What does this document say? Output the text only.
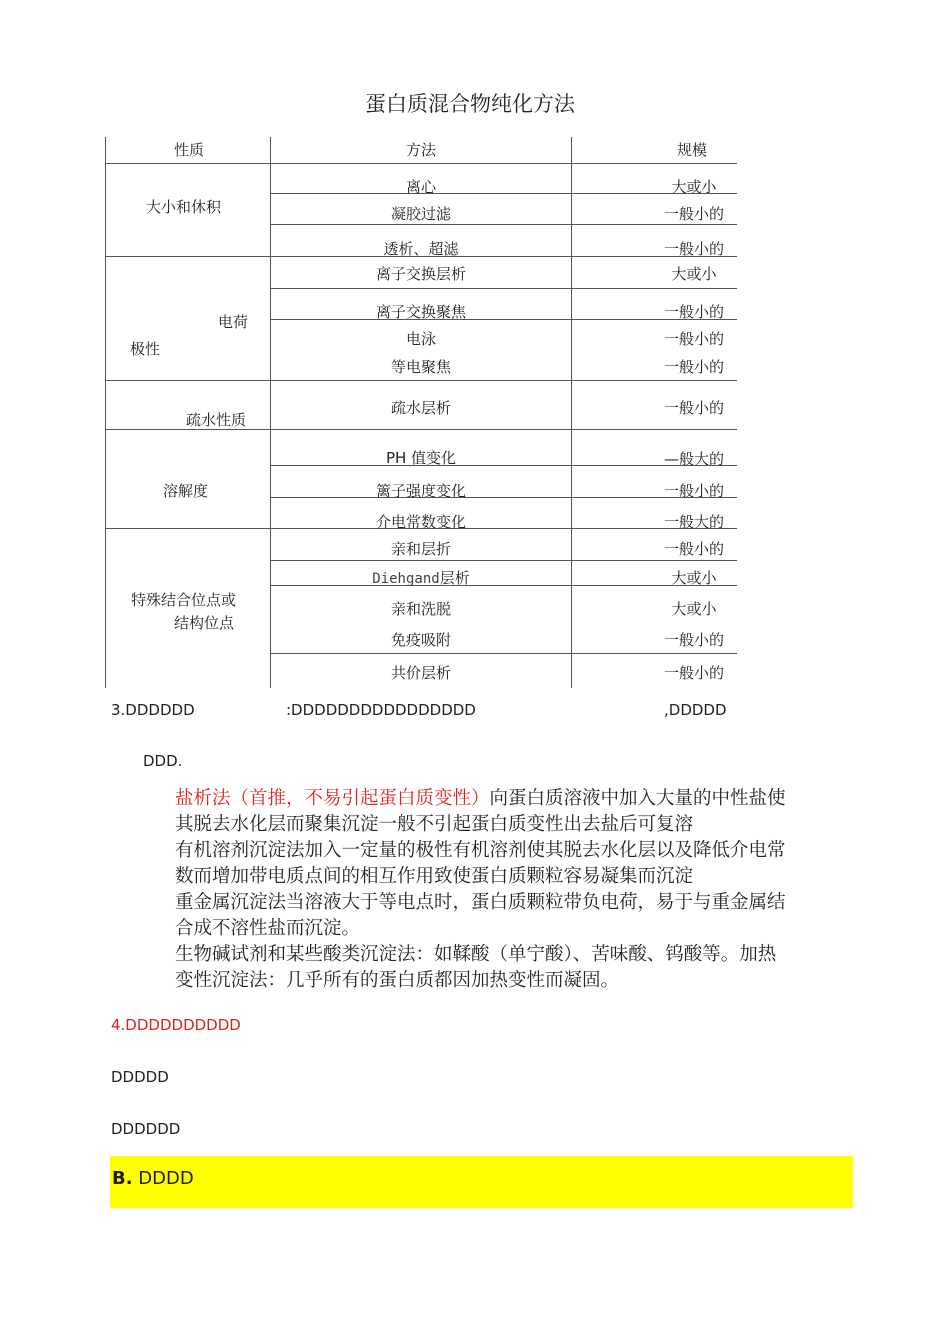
蛋白质混合物纯化方法
性质	方法	规模
大小和休积
离心	大或小
凝胶过滤	一般小的
透析、超滤	一般小的
电荷
极性
离子交换层析	大或小
离子交换聚焦	一般小的
电泳	一般小的
等电聚焦	一般小的
疏水性质
疏水层析	一般小的
溶解度
PH 值变化	—般大的
篱子强度变化	一般小的
介电常数变化	一般大的
特殊结合位点或
结构位点
亲和层折	一般小的
Diehgand层析	大或小
亲和洗脱	大或小
免疫吸附	一般小的
共价层析	一般小的
3.DDDDDD	:DDDDDDDDDDDDDDDD	,DDDDD
DDD.
盐析法（首推，不易引起蛋白质变性）向蛋白质溶液中加入大量的中性盐使
其脱去水化层而聚集沉淀一般不引起蛋白质变性出去盐后可复溶
有机溶剂沉淀法加入一定量的极性有机溶剂使其脱去水化层以及降低介电常
数而增加带电质点间的相互作用致使蛋白质颗粒容易凝集而沉淀
重金属沉淀法当溶液大于等电点时，蛋白质颗粒带负电荷，易于与重金属结
合成不溶性盐而沉淀。
生物碱试剂和某些酸类沉淀法：如鞣酸（单宁酸）、苦味酸、钨酸等。加热
变性沉淀法：几乎所有的蛋白质都因加热变性而凝固。
4.DDDDDDDDDD
DDDDD
DDDDDD
B. DDDD
